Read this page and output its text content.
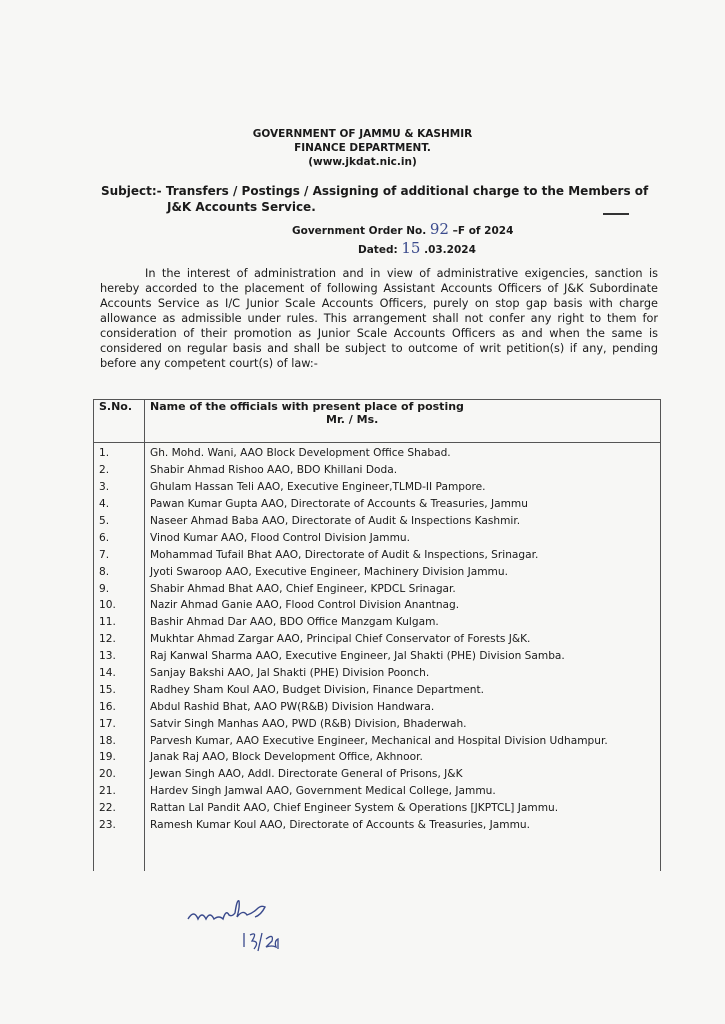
GOVERNMENT OF JAMMU & KASHMIR
FINANCE DEPARTMENT.
(www.jkdat.nic.in)
Subject:- Transfers / Postings / Assigning of additional charge to the Members of
J&K Accounts Service.
Government Order No. 92 –F of 2024
Dated: 15 .03.2024
In the interest of administration and in view of administrative exigencies, sanction is hereby accorded to the placement of following Assistant Accounts Officers of J&K Subordinate Accounts Service as I/C Junior Scale Accounts Officers, purely on stop gap basis with charge allowance as admissible under rules. This arrangement shall not confer any right to them for consideration of their promotion as Junior Scale Accounts Officers as and when the same is considered on regular basis and shall be subject to outcome of writ petition(s) if any, pending before any competent court(s) of law:-
S.No.	Name of the officials with present place of posting
Mr. / Ms.

1.	Gh. Mohd. Wani, AAO Block Development Office Shabad.
2.	Shabir Ahmad Rishoo AAO, BDO Khillani Doda.
3.	Ghulam Hassan Teli AAO, Executive Engineer,TLMD-II Pampore.
4.	Pawan Kumar Gupta AAO, Directorate of Accounts & Treasuries, Jammu
5.	Naseer Ahmad Baba AAO, Directorate of Audit & Inspections Kashmir.
6.	Vinod Kumar AAO, Flood Control Division Jammu.
7.	Mohammad Tufail Bhat AAO, Directorate of Audit & Inspections, Srinagar.
8.	Jyoti Swaroop AAO, Executive Engineer, Machinery Division Jammu.
9.	Shabir Ahmad Bhat AAO, Chief Engineer, KPDCL Srinagar.
10.	Nazir Ahmad Ganie AAO, Flood Control Division Anantnag.
11.	Bashir Ahmad Dar AAO, BDO Office Manzgam Kulgam.
12.	Mukhtar Ahmad Zargar AAO, Principal Chief Conservator of Forests J&K.
13.	Raj Kanwal Sharma AAO, Executive Engineer, Jal Shakti (PHE) Division Samba.
14.	Sanjay Bakshi AAO, Jal Shakti (PHE) Division Poonch.
15.	Radhey Sham Koul AAO, Budget Division, Finance Department.
16.	Abdul Rashid Bhat, AAO PW(R&B) Division Handwara.
17.	Satvir Singh Manhas AAO, PWD (R&B) Division, Bhaderwah.
18.	Parvesh Kumar, AAO Executive Engineer, Mechanical and Hospital Division Udhampur.
19.	Janak Raj AAO, Block Development Office, Akhnoor.
20.	Jewan Singh AAO, Addl. Directorate General of Prisons, J&K
21.	Hardev Singh Jamwal AAO, Government Medical College, Jammu.
22.	Rattan Lal Pandit AAO, Chief Engineer System & Operations [JKPTCL] Jammu.
23.	Ramesh Kumar Koul AAO, Directorate of Accounts & Treasuries, Jammu.
